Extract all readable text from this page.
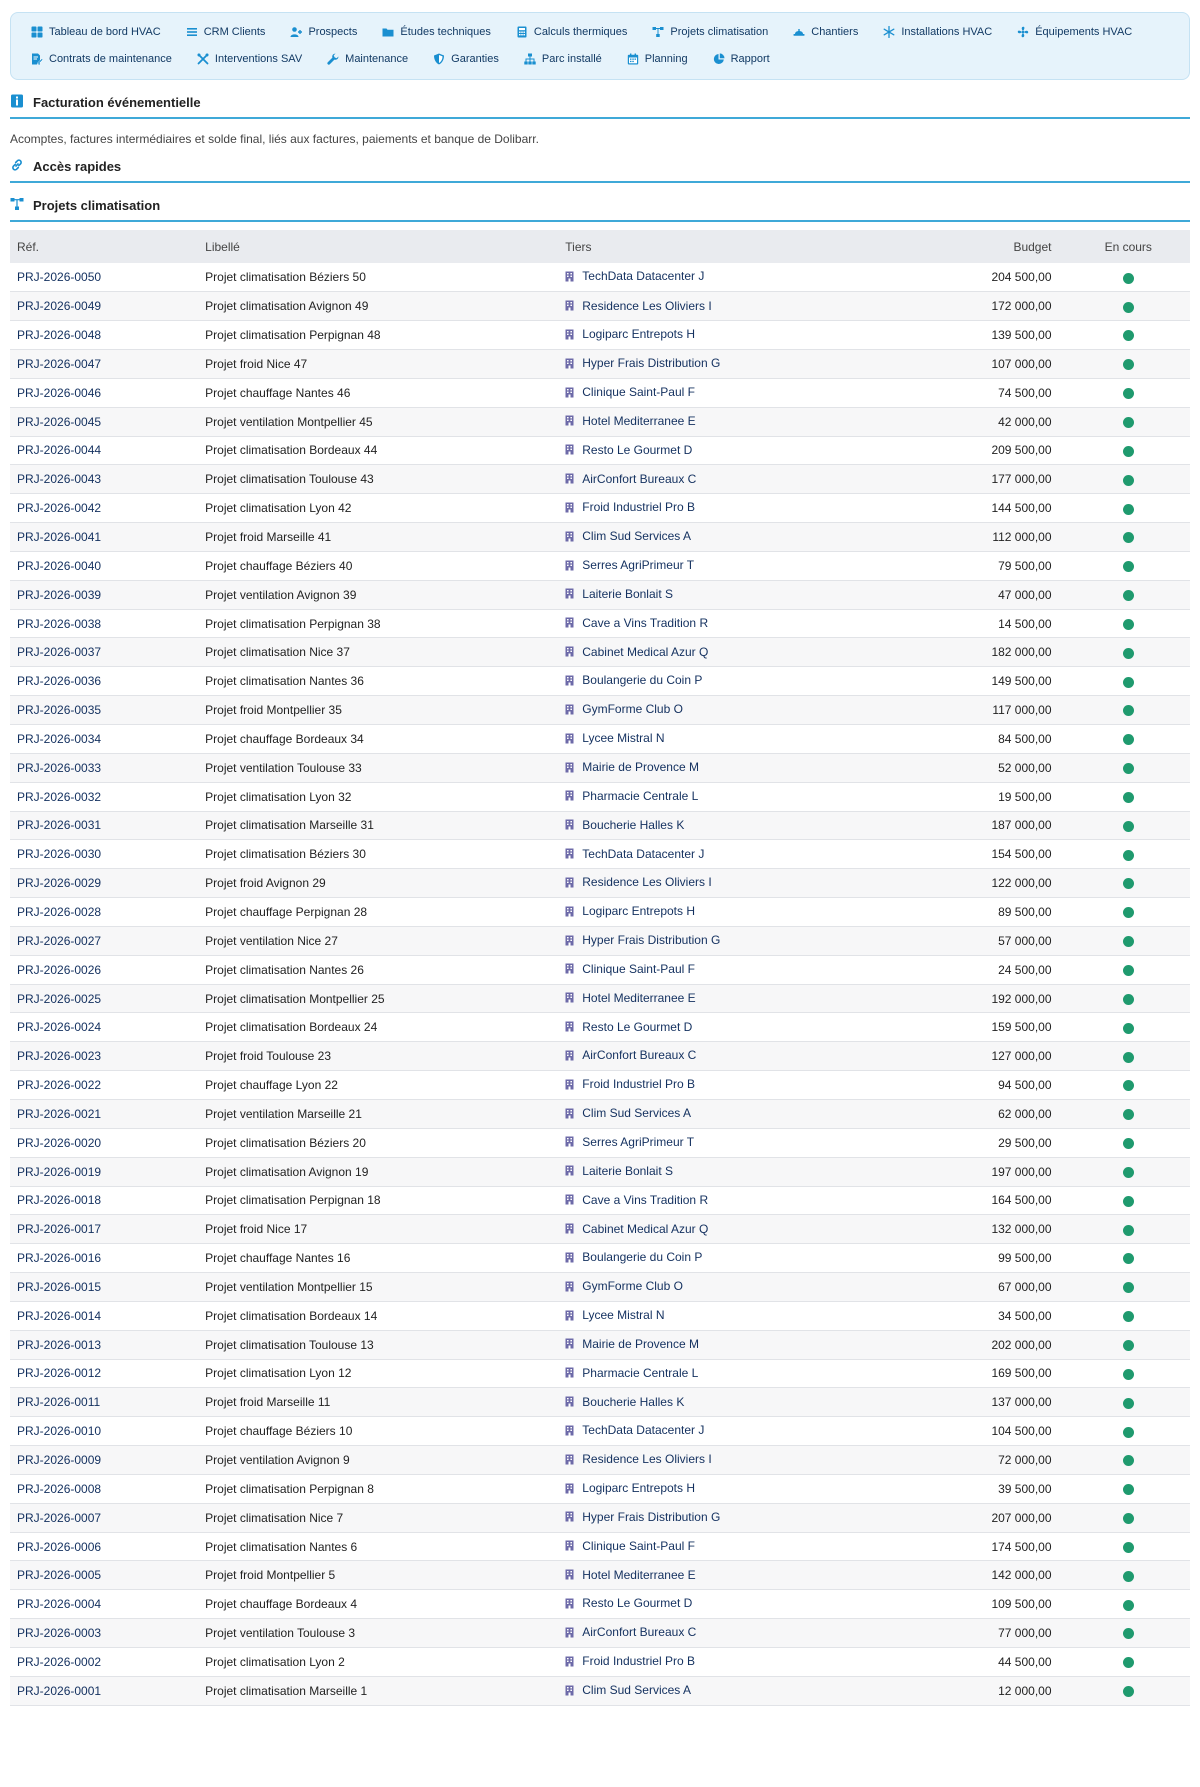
Tableau de bord HVAC	CRM Clients	Prospects	Études techniques	Calculs thermiques	Projets climatisation	Chantiers	Installations HVAC	Équipements HVAC
Contrats de maintenance	Interventions SAV	Maintenance	Garanties	Parc installé	Planning	Rapport
Facturation événementielle
Acomptes, factures intermédiaires et solde final, liés aux factures, paiements et banque de Dolibarr.
Accès rapides
Projets climatisation
Réf.	Libellé	Tiers	Budget	En cours
PRJ-2026-0050	Projet climatisation Béziers 50	TechData Datacenter J	204 500,00	
PRJ-2026-0049	Projet climatisation Avignon 49	Residence Les Oliviers I	172 000,00	
PRJ-2026-0048	Projet climatisation Perpignan 48	Logiparc Entrepots H	139 500,00	
PRJ-2026-0047	Projet froid Nice 47	Hyper Frais Distribution G	107 000,00	
PRJ-2026-0046	Projet chauffage Nantes 46	Clinique Saint-Paul F	74 500,00	
PRJ-2026-0045	Projet ventilation Montpellier 45	Hotel Mediterranee E	42 000,00	
PRJ-2026-0044	Projet climatisation Bordeaux 44	Resto Le Gourmet D	209 500,00	
PRJ-2026-0043	Projet climatisation Toulouse 43	AirConfort Bureaux C	177 000,00	
PRJ-2026-0042	Projet climatisation Lyon 42	Froid Industriel Pro B	144 500,00	
PRJ-2026-0041	Projet froid Marseille 41	Clim Sud Services A	112 000,00	
PRJ-2026-0040	Projet chauffage Béziers 40	Serres AgriPrimeur T	79 500,00	
PRJ-2026-0039	Projet ventilation Avignon 39	Laiterie Bonlait S	47 000,00	
PRJ-2026-0038	Projet climatisation Perpignan 38	Cave a Vins Tradition R	14 500,00	
PRJ-2026-0037	Projet climatisation Nice 37	Cabinet Medical Azur Q	182 000,00	
PRJ-2026-0036	Projet climatisation Nantes 36	Boulangerie du Coin P	149 500,00	
PRJ-2026-0035	Projet froid Montpellier 35	GymForme Club O	117 000,00	
PRJ-2026-0034	Projet chauffage Bordeaux 34	Lycee Mistral N	84 500,00	
PRJ-2026-0033	Projet ventilation Toulouse 33	Mairie de Provence M	52 000,00	
PRJ-2026-0032	Projet climatisation Lyon 32	Pharmacie Centrale L	19 500,00	
PRJ-2026-0031	Projet climatisation Marseille 31	Boucherie Halles K	187 000,00	
PRJ-2026-0030	Projet climatisation Béziers 30	TechData Datacenter J	154 500,00	
PRJ-2026-0029	Projet froid Avignon 29	Residence Les Oliviers I	122 000,00	
PRJ-2026-0028	Projet chauffage Perpignan 28	Logiparc Entrepots H	89 500,00	
PRJ-2026-0027	Projet ventilation Nice 27	Hyper Frais Distribution G	57 000,00	
PRJ-2026-0026	Projet climatisation Nantes 26	Clinique Saint-Paul F	24 500,00	
PRJ-2026-0025	Projet climatisation Montpellier 25	Hotel Mediterranee E	192 000,00	
PRJ-2026-0024	Projet climatisation Bordeaux 24	Resto Le Gourmet D	159 500,00	
PRJ-2026-0023	Projet froid Toulouse 23	AirConfort Bureaux C	127 000,00	
PRJ-2026-0022	Projet chauffage Lyon 22	Froid Industriel Pro B	94 500,00	
PRJ-2026-0021	Projet ventilation Marseille 21	Clim Sud Services A	62 000,00	
PRJ-2026-0020	Projet climatisation Béziers 20	Serres AgriPrimeur T	29 500,00	
PRJ-2026-0019	Projet climatisation Avignon 19	Laiterie Bonlait S	197 000,00	
PRJ-2026-0018	Projet climatisation Perpignan 18	Cave a Vins Tradition R	164 500,00	
PRJ-2026-0017	Projet froid Nice 17	Cabinet Medical Azur Q	132 000,00	
PRJ-2026-0016	Projet chauffage Nantes 16	Boulangerie du Coin P	99 500,00	
PRJ-2026-0015	Projet ventilation Montpellier 15	GymForme Club O	67 000,00	
PRJ-2026-0014	Projet climatisation Bordeaux 14	Lycee Mistral N	34 500,00	
PRJ-2026-0013	Projet climatisation Toulouse 13	Mairie de Provence M	202 000,00	
PRJ-2026-0012	Projet climatisation Lyon 12	Pharmacie Centrale L	169 500,00	
PRJ-2026-0011	Projet froid Marseille 11	Boucherie Halles K	137 000,00	
PRJ-2026-0010	Projet chauffage Béziers 10	TechData Datacenter J	104 500,00	
PRJ-2026-0009	Projet ventilation Avignon 9	Residence Les Oliviers I	72 000,00	
PRJ-2026-0008	Projet climatisation Perpignan 8	Logiparc Entrepots H	39 500,00	
PRJ-2026-0007	Projet climatisation Nice 7	Hyper Frais Distribution G	207 000,00	
PRJ-2026-0006	Projet climatisation Nantes 6	Clinique Saint-Paul F	174 500,00	
PRJ-2026-0005	Projet froid Montpellier 5	Hotel Mediterranee E	142 000,00	
PRJ-2026-0004	Projet chauffage Bordeaux 4	Resto Le Gourmet D	109 500,00	
PRJ-2026-0003	Projet ventilation Toulouse 3	AirConfort Bureaux C	77 000,00	
PRJ-2026-0002	Projet climatisation Lyon 2	Froid Industriel Pro B	44 500,00	
PRJ-2026-0001	Projet climatisation Marseille 1	Clim Sud Services A	12 000,00	
